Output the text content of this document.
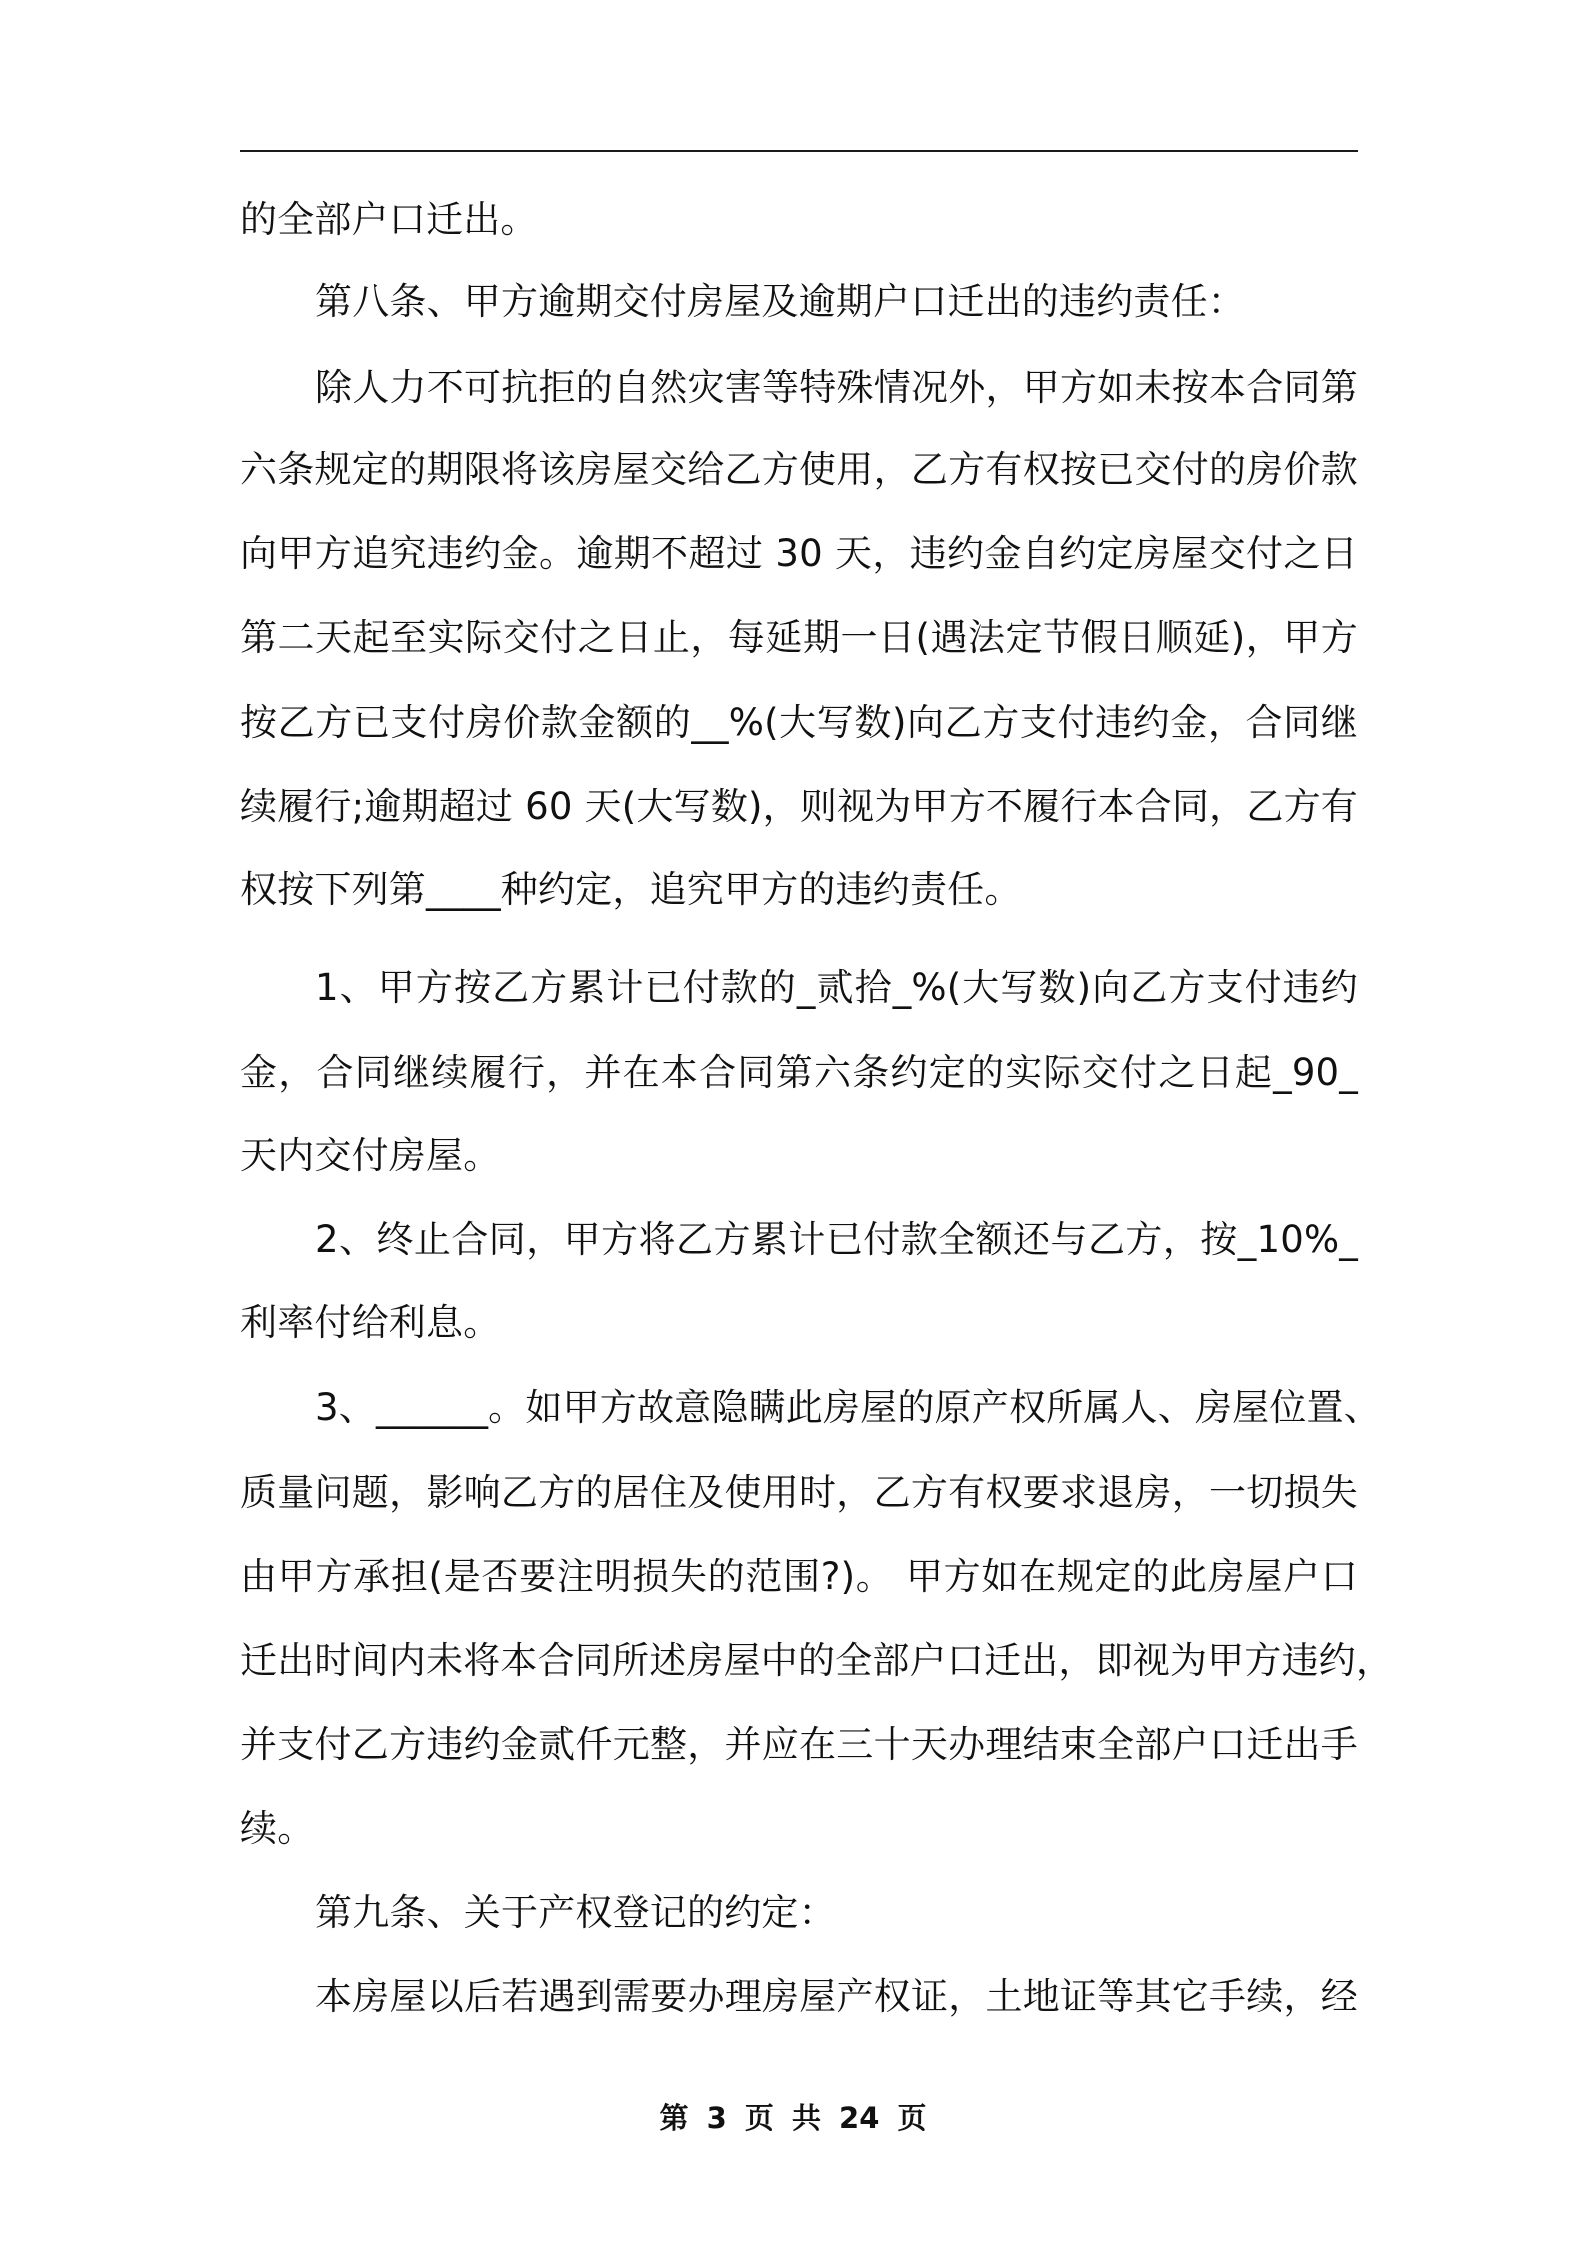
的全部户口迁出。
第八条、甲方逾期交付房屋及逾期户口迁出的违约责任：
除人力不可抗拒的自然灾害等特殊情况外，甲方如未按本合同第
六条规定的期限将该房屋交给乙方使用，乙方有权按已交付的房价款
向甲方追究违约金。逾期不超过 30 天，违约金自约定房屋交付之日
第二天起至实际交付之日止，每延期一日(遇法定节假日顺延)，甲方
按乙方已支付房价款金额的__%(大写数)向乙方支付违约金，合同继
续履行;逾期超过 60 天(大写数)，则视为甲方不履行本合同，乙方有
权按下列第____种约定，追究甲方的违约责任。
1、甲方按乙方累计已付款的_贰拾_%(大写数)向乙方支付违约
金，合同继续履行，并在本合同第六条约定的实际交付之日起_90_
天内交付房屋。
2、终止合同，甲方将乙方累计已付款全额还与乙方，按_10%_
利率付给利息。
3、______。如甲方故意隐瞒此房屋的原产权所属人、房屋位置、
质量问题，影响乙方的居住及使用时，乙方有权要求退房，一切损失
由甲方承担(是否要注明损失的范围?)。 甲方如在规定的此房屋户口
迁出时间内未将本合同所述房屋中的全部户口迁出，即视为甲方违约，
并支付乙方违约金贰仟元整，并应在三十天办理结束全部户口迁出手
续。
第九条、关于产权登记的约定：
本房屋以后若遇到需要办理房屋产权证，土地证等其它手续，经
第 3 页 共 24 页
